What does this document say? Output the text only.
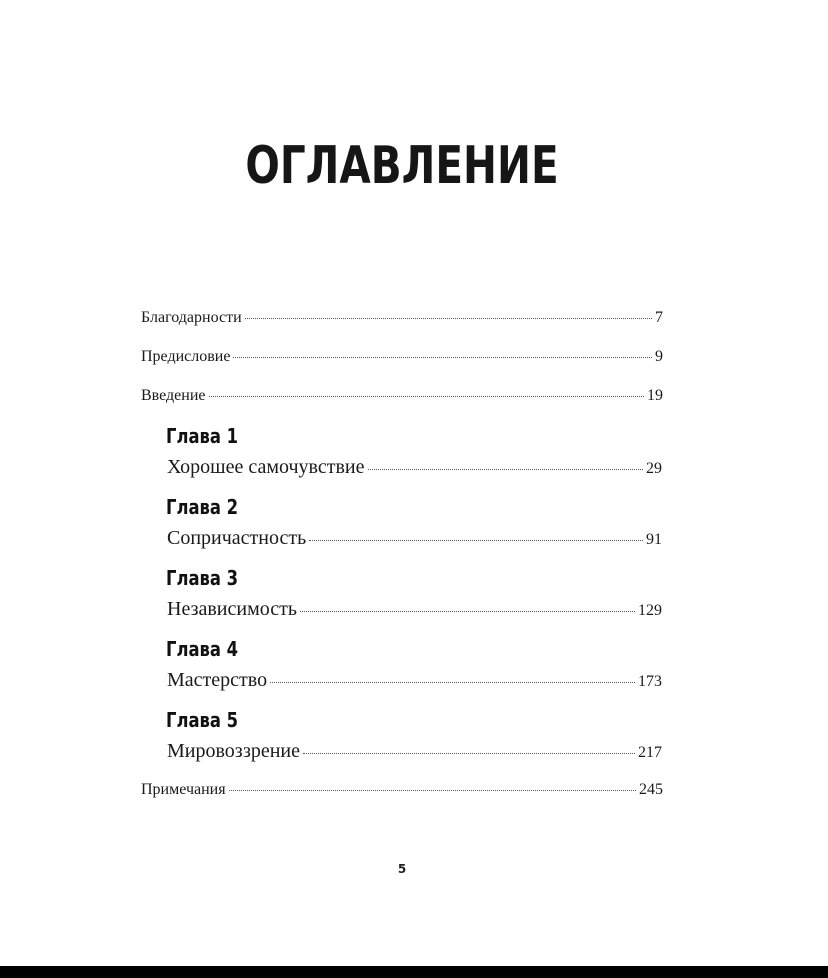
ОГЛАВЛЕНИЕ
Благодарности	7
Предисловие	9
Введение	19
Глава 1
Хорошее самочувствие	29
Глава 2
Сопричастность	91
Глава 3
Независимость	129
Глава 4
Мастерство	173
Глава 5
Мировоззрение	217
Примечания	245
5
